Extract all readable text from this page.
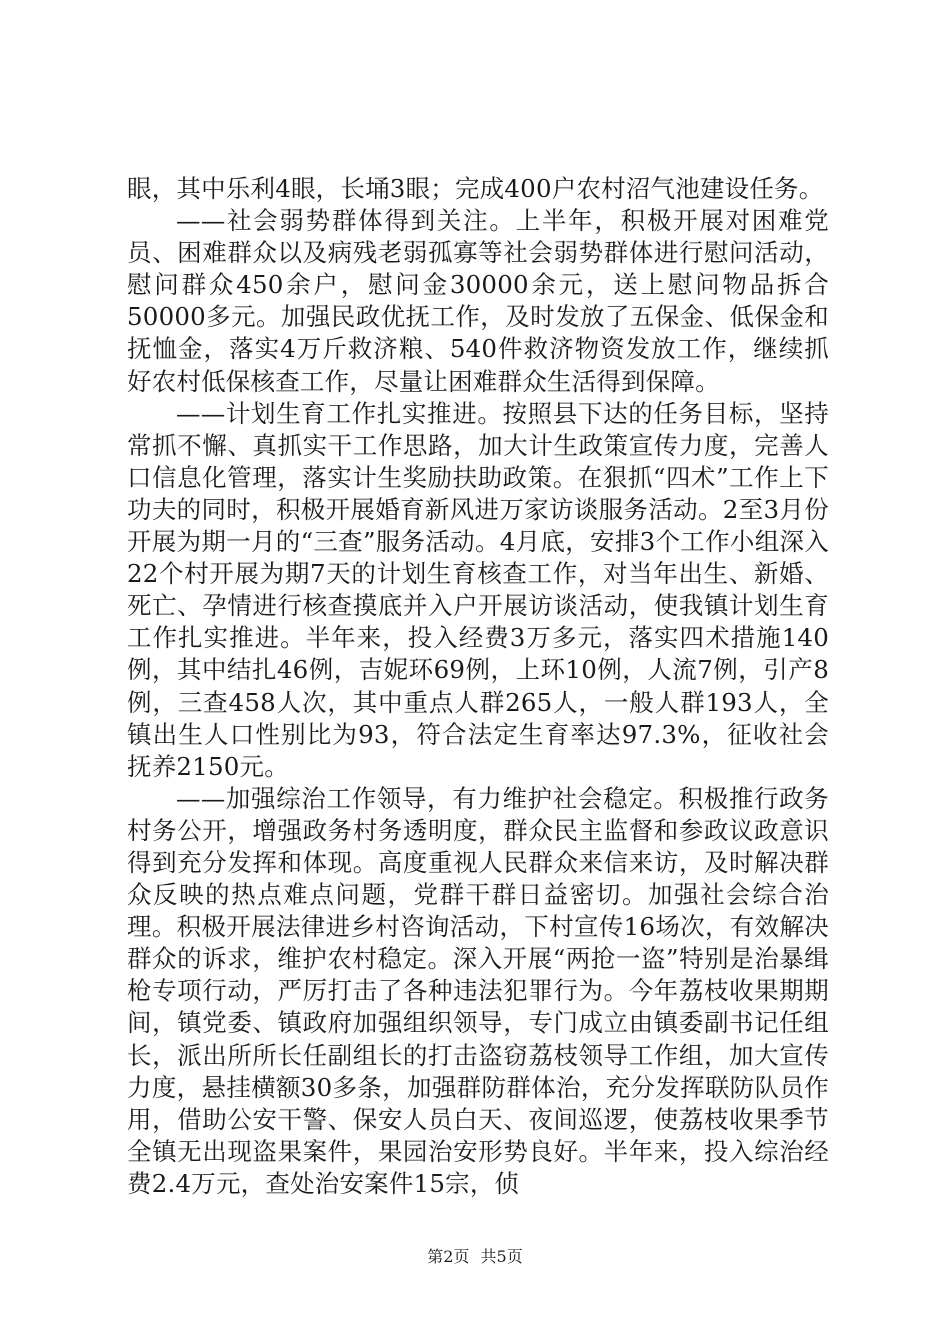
眼，其中乐利4眼，长埇3眼；完成400户农村沼气池建设任务。

——社会弱势群体得到关注。上半年，积极开展对困难党员、困难群众以及病残老弱孤寡等社会弱势群体进行慰问活动，慰问群众450余户，慰问金30000余元，送上慰问物品拆合50000多元。加强民政优抚工作，及时发放了五保金、低保金和抚恤金，落实4万斤救济粮、540件救济物资发放工作，继续抓好农村低保核查工作，尽量让困难群众生活得到保障。

——计划生育工作扎实推进。按照县下达的任务目标，坚持常抓不懈、真抓实干工作思路，加大计生政策宣传力度，完善人口信息化管理，落实计生奖励扶助政策。在狠抓“四术”工作上下功夫的同时，积极开展婚育新风进万家访谈服务活动。2至3月份开展为期一月的“三查”服务活动。4月底，安排3个工作小组深入22个村开展为期7天的计划生育核查工作，对当年出生、新婚、死亡、孕情进行核查摸底并入户开展访谈活动，使我镇计划生育工作扎实推进。半年来，投入经费3万多元，落实四术措施140例，其中结扎46例，吉妮环69例，上环10例，人流7例，引产8例，三查458人次，其中重点人群265人，一般人群193人，全镇出生人口性别比为93，符合法定生育率达97.3%，征收社会抚养2150元。

——加强综治工作领导，有力维护社会稳定。积极推行政务村务公开，增强政务村务透明度，群众民主监督和参政议政意识得到充分发挥和体现。高度重视人民群众来信来访，及时解决群众反映的热点难点问题，党群干群日益密切。加强社会综合治理。积极开展法律进乡村咨询活动，下村宣传16场次，有效解决群众的诉求，维护农村稳定。深入开展“两抢一盗”特别是治暴缉枪专项行动，严厉打击了各种违法犯罪行为。今年荔枝收果期期间，镇党委、镇政府加强组织领导，专门成立由镇委副书记任组长，派出所所长任副组长的打击盗窃荔枝领导工作组，加大宣传力度，悬挂横额30多条，加强群防群体治，充分发挥联防队员作用，借助公安干警、保安人员白天、夜间巡逻，使荔枝收果季节全镇无出现盗果案件，果园治安形势良好。半年来，投入综治经费2.4万元，查处治安案件15宗，侦

第2页 共5页
